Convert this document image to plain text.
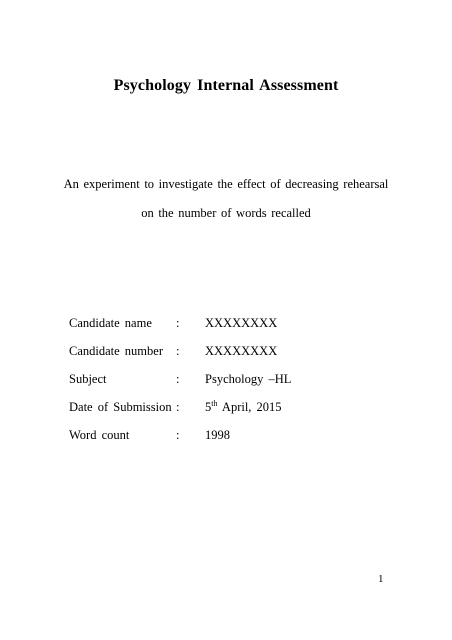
Psychology Internal Assessment
An experiment to investigate the effect of decreasing rehearsal
on the number of words recalled
Candidate name : XXXXXXXX
Candidate number : XXXXXXXX
Subject	: Psychology –HL
Date of Submission : 5th April, 2015
Word count	: 1998
1
